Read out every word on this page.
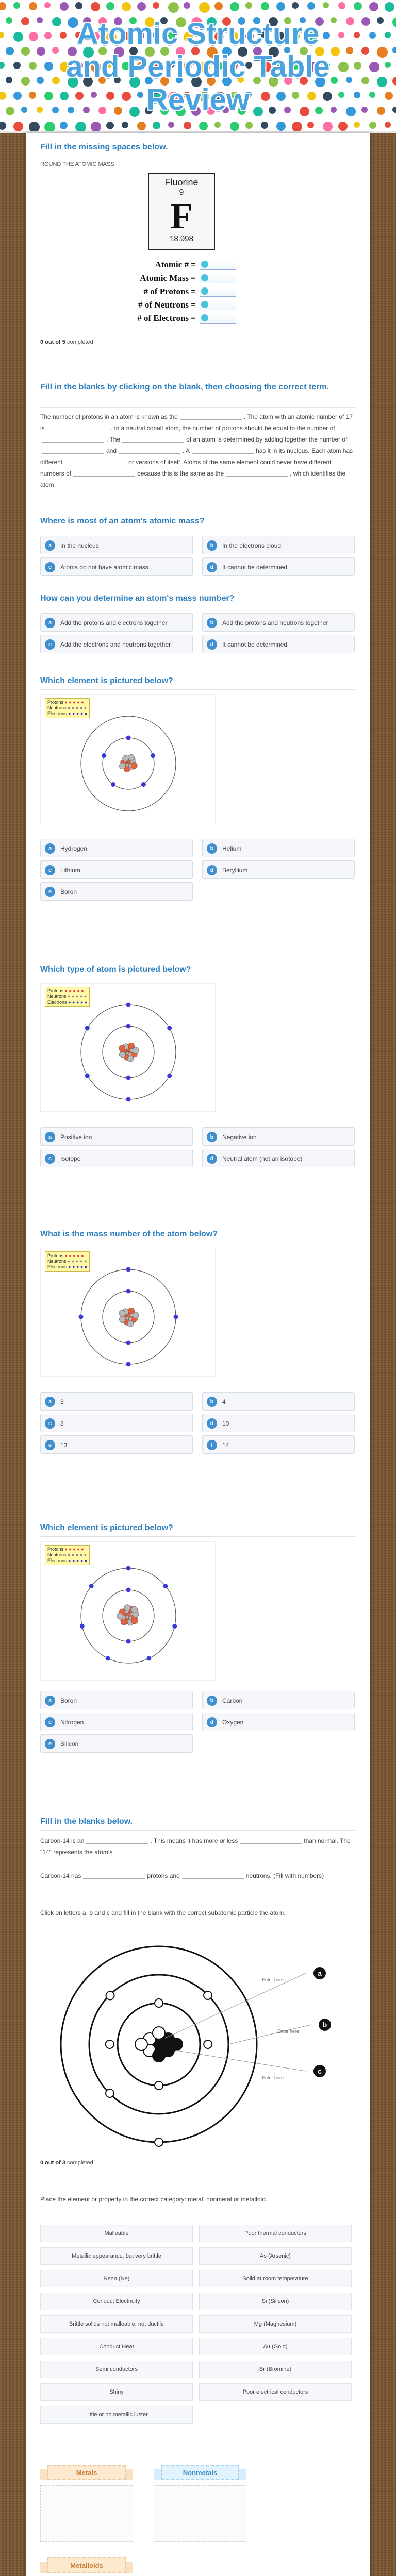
Atomic Structure
and Periodic Table
Review
Fill in the missing spaces below.
ROUND THE ATOMIC MASS
Fluorine
9
F
18.998
Atomic # =
Atomic Mass =
# of Protons =
# of Neutrons =
# of Electrons =
0 out of 5 completed
Fill in the blanks by clicking on the blank, then choosing the correct term.
The number of protons in an atom is known as the	. The atom with an atomic number of 17 is	. In a neutral cobalt atom, the number of protons should be equal to the number of. The	of an atom is determined by adding together the number ofand	. A	has it in its nucleus. Each atom has different	or versions of itself. Atoms of the same element could never have different numbers of	because this is the same as the	, which identifies the atom.
Where is most of an atom's atomic mass?
a	In the nucleus	b	In the electrons cloud
c	Atoms do not have atomic mass	d	It cannot be determined
How can you determine an atom's mass number?
a	Add the protons and electrons together	b	Add the protons and neutrons together
c	Add the electrons and neutrons together	d	It cannot be determined
Which element is pictured below?
Protons ● ● ● ● ●
Neutrons ● ● ● ● ●
Electrons ● ● ● ● ●
a	Hydrogen	b	Helium
c	Lithium	d	Beryllium
e	Boron
Which type of atom is pictured below?
Protons ● ● ● ● ●
Neutrons ● ● ● ● ●
Electrons ● ● ● ● ●
a	Positive ion	b	Negative ion
c	Isotope	d	Neutral atom (not an isotope)
What is the mass number of the atom below?
Protons ● ● ● ● ●
Neutrons ● ● ● ● ●
Electrons ● ● ● ● ●
a	3	b	4
c	8	d	10
e	13	f	14
Which element is pictured below?
Protons ● ● ● ● ●
Neutrons ● ● ● ● ●
Electrons ● ● ● ● ●
a	Boron	b	Carbon
c	Nitrogen	d	Oxygen
e	Silicon
Fill in the blanks below.
Carbon-14 is an	. This means it has more or less	than normal. The "14" represents the atom's
Carbon-14 has	protons and	neutrons. (Fill with numbers)
Click on letters a, b and c and fill in the blank with the correct subatomic particle the atom.
a
Enter here
b
Enter here
c
Enter here
0 out of 3 completed
Place the element or property in the correct category: metal, nonmetal or metalloid.
Malleable	Poor thermal conductors
Metallic appearance, but very brittle	As (Arsenic)
Neon (Ne)	Solid at room temperature
Conduct Electricity	Si (Silicon)
Brittle solids not malleable, not ductile	Mg (Magnesium)
Conduct Heat	Au (Gold)
Semi conductors	Br (Bromine)
Shiny	Poor electrical conductors
Little or no metallic luster
Metals	Nonmetals
Metalloids
